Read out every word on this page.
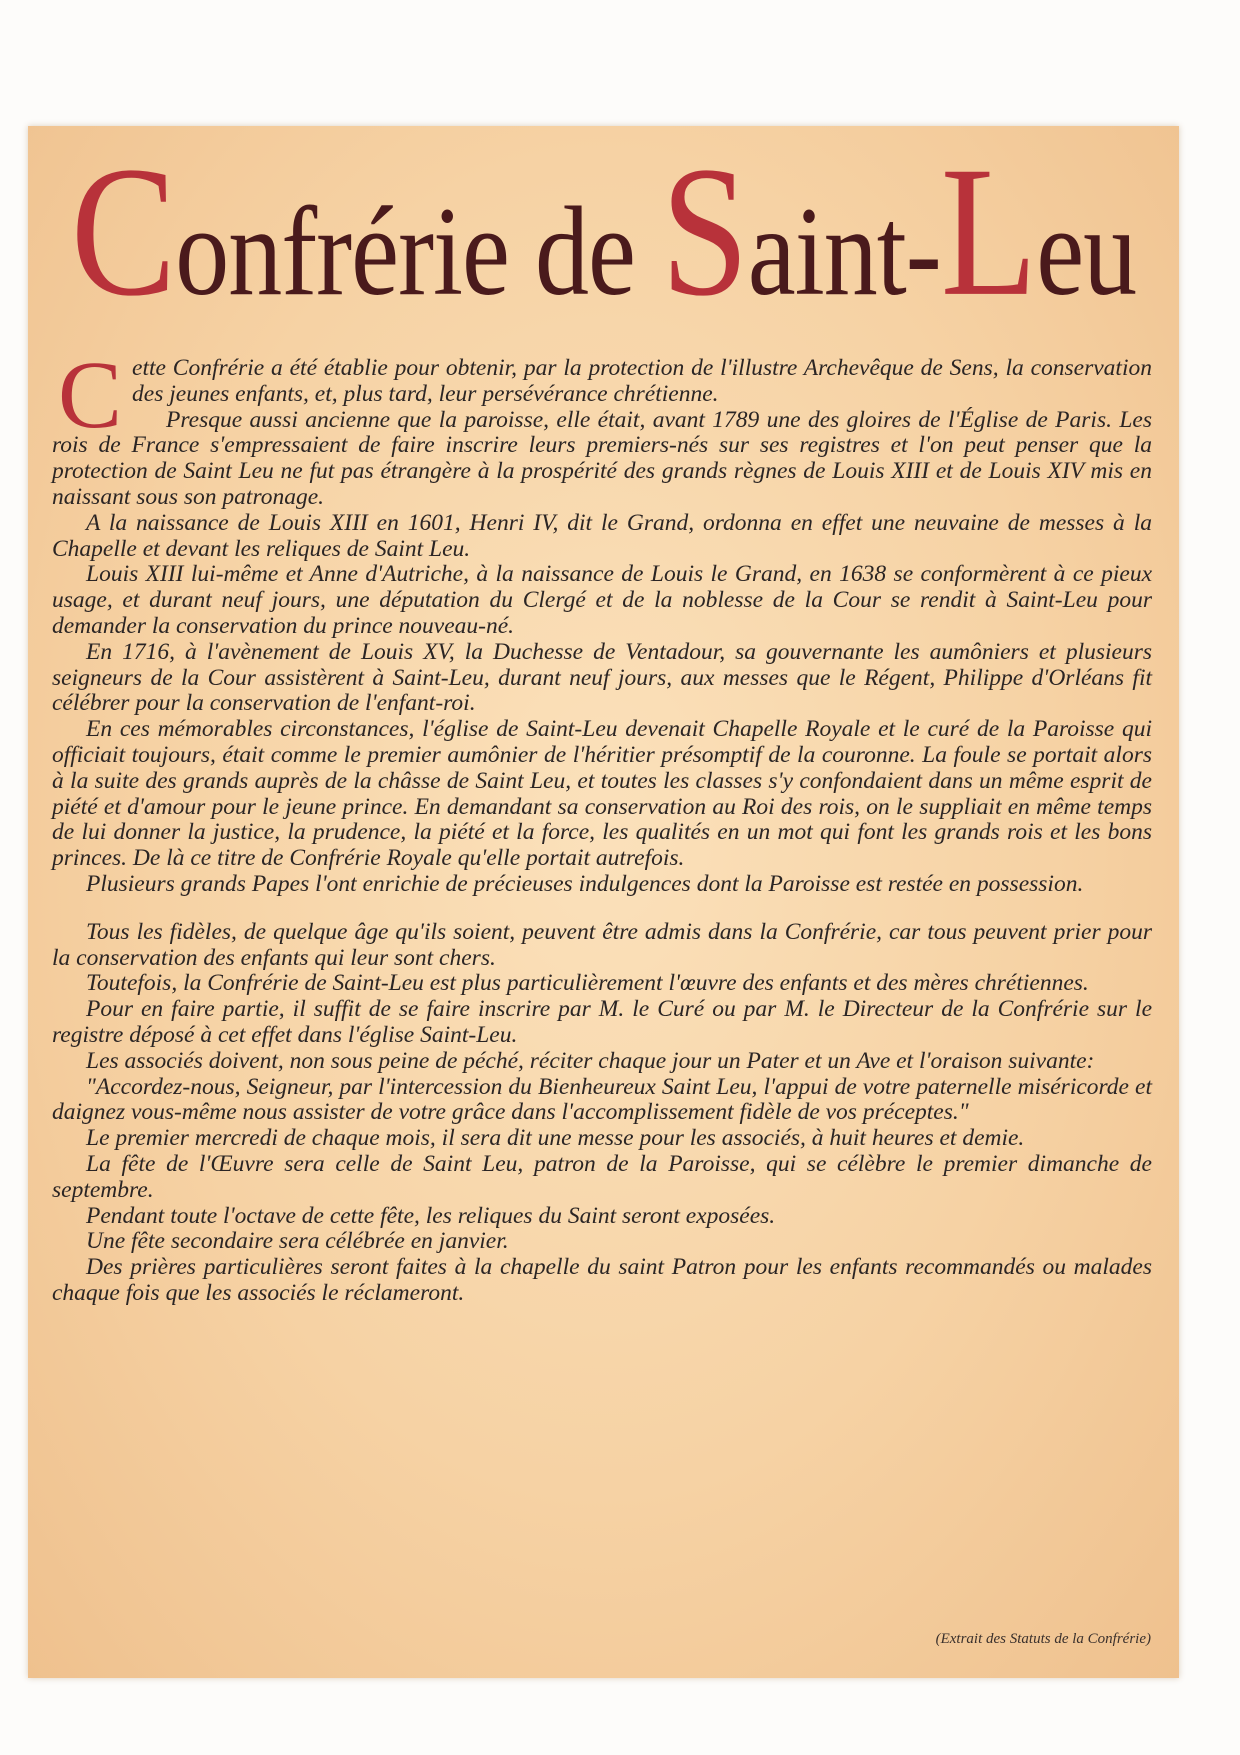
Confrérie de Saint-Leu

Cette Confrérie a été établie pour obtenir, par la protection de l'illustre Archevêque de Sens, la conservation des jeunes enfants, et, plus tard, leur persévérance chrétienne.

Presque aussi ancienne que la paroisse, elle était, avant 1789 une des gloires de l'Église de Paris. Les rois de France s'empressaient de faire inscrire leurs premiers-nés sur ses registres et l'on peut penser que la protection de Saint Leu ne fut pas étrangère à la prospérité des grands règnes de Louis XIII et de Louis XIV mis en naissant sous son patronage.

A la naissance de Louis XIII en 1601, Henri IV, dit le Grand, ordonna en effet une neuvaine de messes à la Chapelle et devant les reliques de Saint Leu.

Louis XIII lui-même et Anne d'Autriche, à la naissance de Louis le Grand, en 1638 se conformèrent à ce pieux usage, et durant neuf jours, une députation du Clergé et de la noblesse de la Cour se rendit à Saint-Leu pour demander la conservation du prince nouveau-né.

En 1716, à l'avènement de Louis XV, la Duchesse de Ventadour, sa gouvernante les aumôniers et plusieurs seigneurs de la Cour assistèrent à Saint-Leu, durant neuf jours, aux messes que le Régent, Philippe d'Orléans fit célébrer pour la conservation de l'enfant-roi.

En ces mémorables circonstances, l'église de Saint-Leu devenait Chapelle Royale et le curé de la Paroisse qui officiait toujours, était comme le premier aumônier de l'héritier présomptif de la couronne. La foule se portait alors à la suite des grands auprès de la châsse de Saint Leu, et toutes les classes s'y confondaient dans un même esprit de piété et d'amour pour le jeune prince. En demandant sa conservation au Roi des rois, on le suppliait en même temps de lui donner la justice, la prudence, la piété et la force, les qualités en un mot qui font les grands rois et les bons princes. De là ce titre de Confrérie Royale qu'elle portait autrefois.

Plusieurs grands Papes l'ont enrichie de précieuses indulgences dont la Paroisse est restée en possession.

Tous les fidèles, de quelque âge qu'ils soient, peuvent être admis dans la Confrérie, car tous peuvent prier pour la conservation des enfants qui leur sont chers.

Toutefois, la Confrérie de Saint-Leu est plus particulièrement l'œuvre des enfants et des mères chrétiennes.

Pour en faire partie, il suffit de se faire inscrire par M. le Curé ou par M. le Directeur de la Confrérie sur le registre déposé à cet effet dans l'église Saint-Leu.

Les associés doivent, non sous peine de péché, réciter chaque jour un Pater et un Ave et l'oraison suivante:

"Accordez-nous, Seigneur, par l'intercession du Bienheureux Saint Leu, l'appui de votre paternelle miséricorde et daignez vous-même nous assister de votre grâce dans l'accomplissement fidèle de vos préceptes."

Le premier mercredi de chaque mois, il sera dit une messe pour les associés, à huit heures et demie.

La fête de l'Œuvre sera celle de Saint Leu, patron de la Paroisse, qui se célèbre le premier dimanche de septembre.

Pendant toute l'octave de cette fête, les reliques du Saint seront exposées.

Une fête secondaire sera célébrée en janvier.

Des prières particulières seront faites à la chapelle du saint Patron pour les enfants recommandés ou malades chaque fois que les associés le réclameront.

(Extrait des Statuts de la Confrérie)
